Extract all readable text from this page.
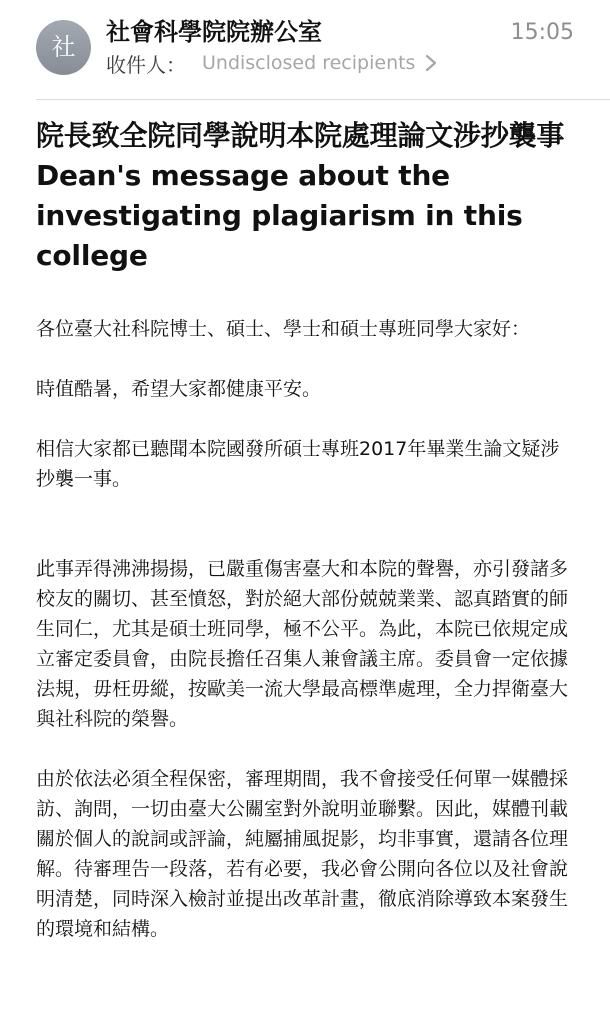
社
社會科學院院辦公室	15:05
收件人： Undisclosed recipients
院長致全院同學說明本院處理論文涉抄襲事 Dean's message about the investigating plagiarism in this college

各位臺大社科院博士、碩士、學士和碩士專班同學大家好：

時值酷暑，希望大家都健康平安。

相信大家都已聽聞本院國發所碩士專班2017年畢業生論文疑涉抄襲一事。

此事弄得沸沸揚揚，已嚴重傷害臺大和本院的聲譽，亦引發諸多校友的關切、甚至憤怒，對於絕大部份兢兢業業、認真踏實的師生同仁，尤其是碩士班同學，極不公平。為此，本院已依規定成立審定委員會，由院長擔任召集人兼會議主席。委員會一定依據法規，毋枉毋縱，按歐美一流大學最高標準處理，全力捍衛臺大與社科院的榮譽。

由於依法必須全程保密，審理期間，我不會接受任何單一媒體採訪、詢問，一切由臺大公關室對外說明並聯繫。因此，媒體刊載關於個人的說詞或評論，純屬捕風捉影，均非事實，還請各位理解。待審理告一段落，若有必要，我必會公開向各位以及社會說明清楚，同時深入檢討並提出改革計畫，徹底消除導致本案發生的環境和結構。
